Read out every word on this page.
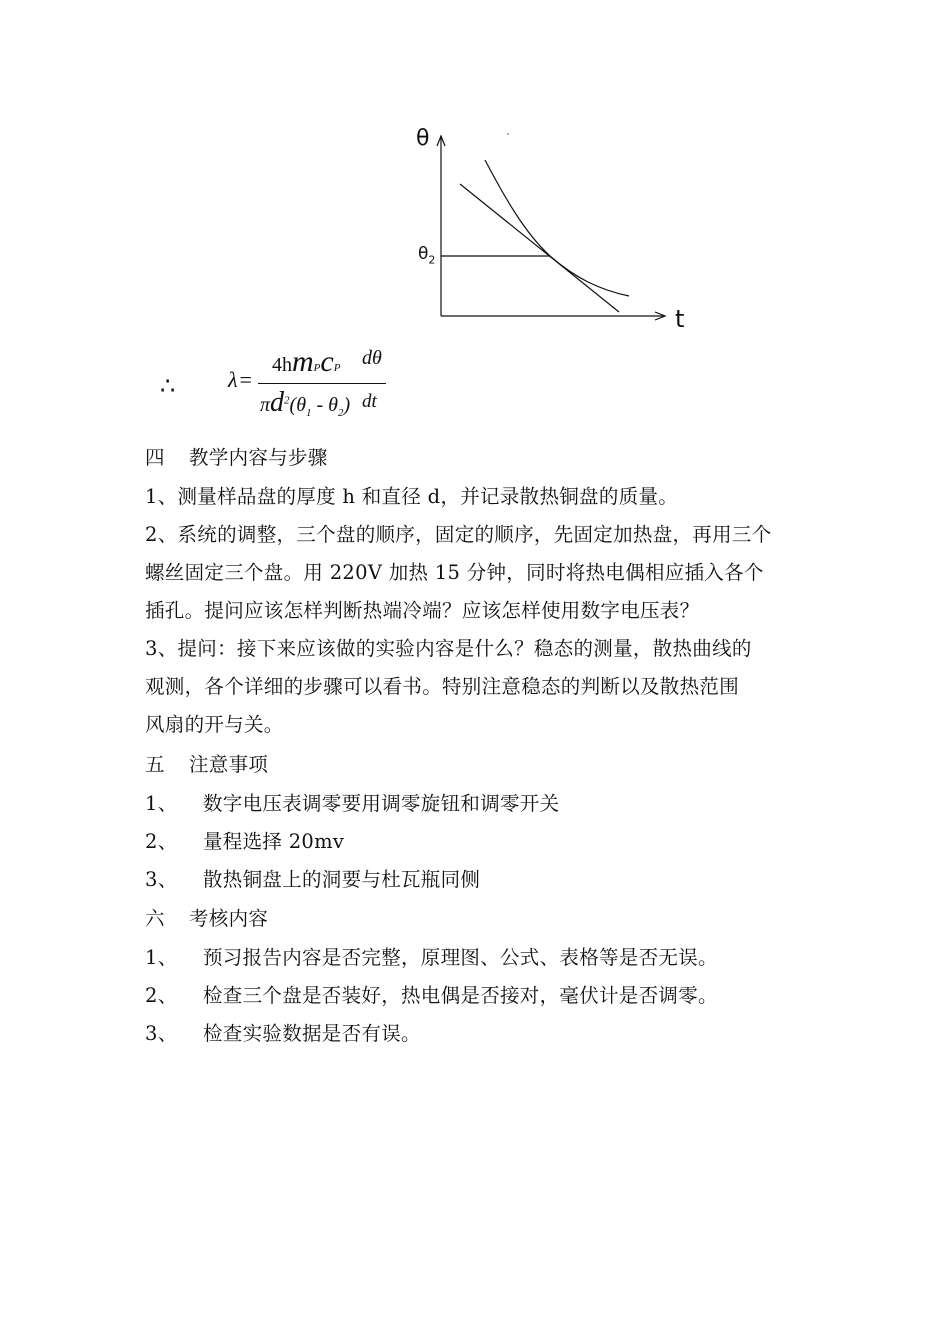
θ
$\theta_2$
t
∴ λ=
4hmPcP
$\pi d^2(\theta_1 - \theta_2)$
dθ
dt
四 教学内容与步骤
1、测量样品盘的厚度 h 和直径 d，并记录散热铜盘的质量。
2、系统的调整，三个盘的顺序，固定的顺序，先固定加热盘，再用三个
螺丝固定三个盘。用 220V 加热 15 分钟，同时将热电偶相应插入各个
插孔。提问应该怎样判断热端冷端？应该怎样使用数字电压表？
3、提问：接下来应该做的实验内容是什么？稳态的测量，散热曲线的
观测，各个详细的步骤可以看书。特别注意稳态的判断以及散热范围
风扇的开与关。
五 注意事项
1、 数字电压表调零要用调零旋钮和调零开关
2、 量程选择 20mv
3、 散热铜盘上的洞要与杜瓦瓶同侧
六 考核内容
1、 预习报告内容是否完整，原理图、公式、表格等是否无误。
2、 检查三个盘是否装好，热电偶是否接对，毫伏计是否调零。
3、 检查实验数据是否有误。
